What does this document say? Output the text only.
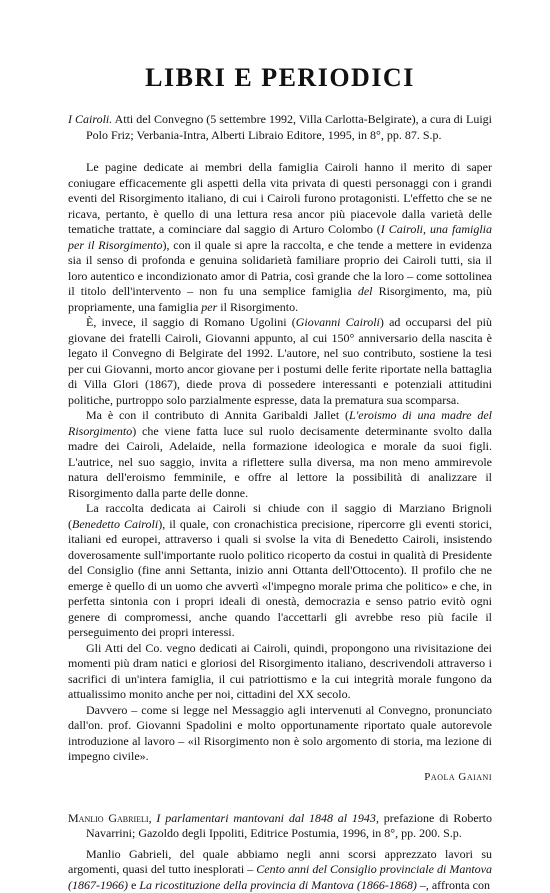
LIBRI E PERIODICI
I Cairoli. Atti del Convegno (5 settembre 1992, Villa Carlotta-Belgirate), a cura di Luigi Polo Friz; Verbania-Intra, Alberti Libraio Editore, 1995, in 8°, pp. 87. S.p.

Le pagine dedicate ai membri della famiglia Cairoli hanno il merito di saper coniugare efficacemente gli aspetti della vita privata di questi personaggi con i grandi eventi del Risorgimento italiano, di cui i Cairoli furono protagonisti. L'effetto che se ne ricava, pertanto, è quello di una lettura resa ancor più piacevole dalla varietà delle tematiche trattate, a cominciare dal saggio di Arturo Colombo (I Cairoli, una famiglia per il Risorgimento), con il quale si apre la raccolta, e che tende a mettere in evidenza sia il senso di profonda e genuina solidarietà familiare proprio dei Cairoli tutti, sia il loro autentico e incondizionato amor di Patria, così grande che la loro – come sottolinea il titolo dell'intervento – non fu una semplice famiglia del Risorgimento, ma, più propriamente, una famiglia per il Risorgimento.

È, invece, il saggio di Romano Ugolini (Giovanni Cairoli) ad occuparsi del più giovane dei fratelli Cairoli, Giovanni appunto, al cui 150° anniversario della nascita è legato il Convegno di Belgirate del 1992. L'autore, nel suo contributo, sostiene la tesi per cui Giovanni, morto ancor giovane per i postumi delle ferite riportate nella battaglia di Villa Glori (1867), diede prova di possedere interessanti e potenziali attitudini politiche, purtroppo solo parzialmente espresse, data la prematura sua scomparsa.

Ma è con il contributo di Annita Garibaldi Jallet (L'eroismo di una madre del Risorgimento) che viene fatta luce sul ruolo decisamente determinante svolto dalla madre dei Cairoli, Adelaide, nella formazione ideologica e morale da suoi figli. L'autrice, nel suo saggio, invita a riflettere sulla diversa, ma non meno ammirevole natura dell'eroismo femminile, e offre al lettore la possibilità di analizzare il Risorgimento dalla parte delle donne.

La raccolta dedicata ai Cairoli si chiude con il saggio di Marziano Brignoli (Benedetto Cairoli), il quale, con cronachistica precisione, ripercorre gli eventi storici, italiani ed europei, attraverso i quali si svolse la vita di Benedetto Cairoli, insistendo doverosamente sull'importante ruolo politico ricoperto da costui in qualità di Presidente del Consiglio (fine anni Settanta, inizio anni Ottanta dell'Ottocento). Il profilo che ne emerge è quello di un uomo che avvertì «l'impegno morale prima che politico» e che, in perfetta sintonia con i propri ideali di onestà, democrazia e senso patrio evitò ogni genere di compromessi, anche quando l'accettarli gli avrebbe reso più facile il perseguimento dei propri interessi.

Gli Atti del Co. vegno dedicati ai Cairoli, quindi, propongono una rivisitazione dei momenti più dram natici e gloriosi del Risorgimento italiano, descrivendoli attraverso i sacrifici di un'intera famiglia, il cui patriottismo e la cui integrità morale fungono da attualissimo monito anche per noi, cittadini del XX secolo.

Davvero – come si legge nel Messaggio agli intervenuti al Convegno, pronunciato dall'on. prof. Giovanni Spadolini e molto opportunamente riportato quale autorevole introduzione al lavoro – «il Risorgimento non è solo argomento di storia, ma lezione di impegno civile».

Paola Gaiani
Manlio Gabrieli, I parlamentari mantovani dal 1848 al 1943, prefazione di Roberto Navarrini; Gazoldo degli Ippoliti, Editrice Postumia, 1996, in 8°, pp. 200. S.p.

Manlio Gabrieli, del quale abbiamo negli anni scorsi apprezzato lavori su argomenti, quasi del tutto inesplorati – Cento anni del Consiglio provinciale di Mantova (1867-1966) e La ricostituzione della provincia di Mantova (1866-1868) –, affronta con
